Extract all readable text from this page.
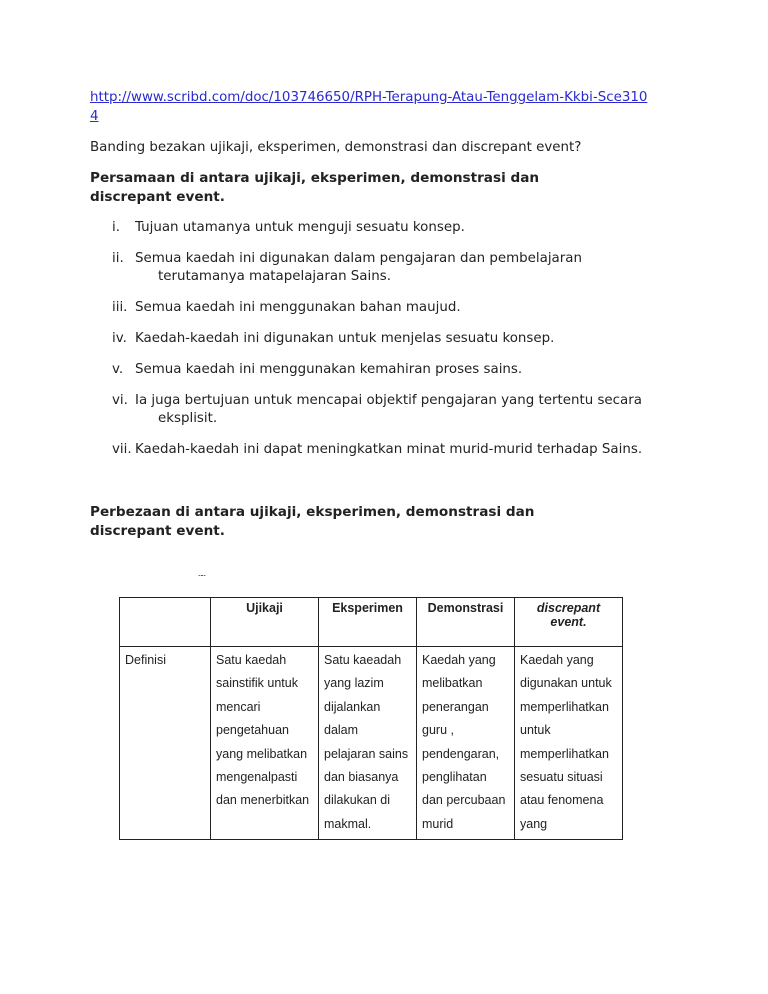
http://www.scribd.com/doc/103746650/RPH-Terapung-Atau-Tenggelam-Kkbi-Sce3104
Banding bezakan ujikaji, eksperimen, demonstrasi dan discrepant event?
Persamaan di antara ujikaji, eksperimen, demonstrasi dan discrepant event.
i.	Tujuan utamanya untuk menguji sesuatu konsep.
ii. Semua kaedah ini digunakan dalam pengajaran dan pembelajaran
terutamanya matapelajaran Sains.
iii. Semua kaedah ini menggunakan bahan maujud.
iv. Kaedah-kaedah ini digunakan untuk menjelas sesuatu konsep.
v. Semua kaedah ini menggunakan kemahiran proses sains.
vi. Ia juga bertujuan untuk mencapai objektif pengajaran yang tertentu secara
eksplisit.
vii. Kaedah-kaedah ini dapat meningkatkan minat murid-murid terhadap Sains.
Perbezaan di antara ujikaji, eksperimen, demonstrasi dan discrepant event.
̈ ̈
	Ujikaji	Eksperimen	Demonstrasi	discrepant event.
Definisi	Satu kaedah sainstifik untuk mencari pengetahuan yang melibatkan mengenalpasti dan menerbitkan	Satu kaeadah yang lazim dijalankan dalam pelajaran sains dan biasanya dilakukan di makmal.	Kaedah yang melibatkan penerangan guru , pendengaran, penglihatan dan percubaan murid	Kaedah yang digunakan untuk memperlihatkan untuk memperlihatkan sesuatu situasi atau fenomena yang
